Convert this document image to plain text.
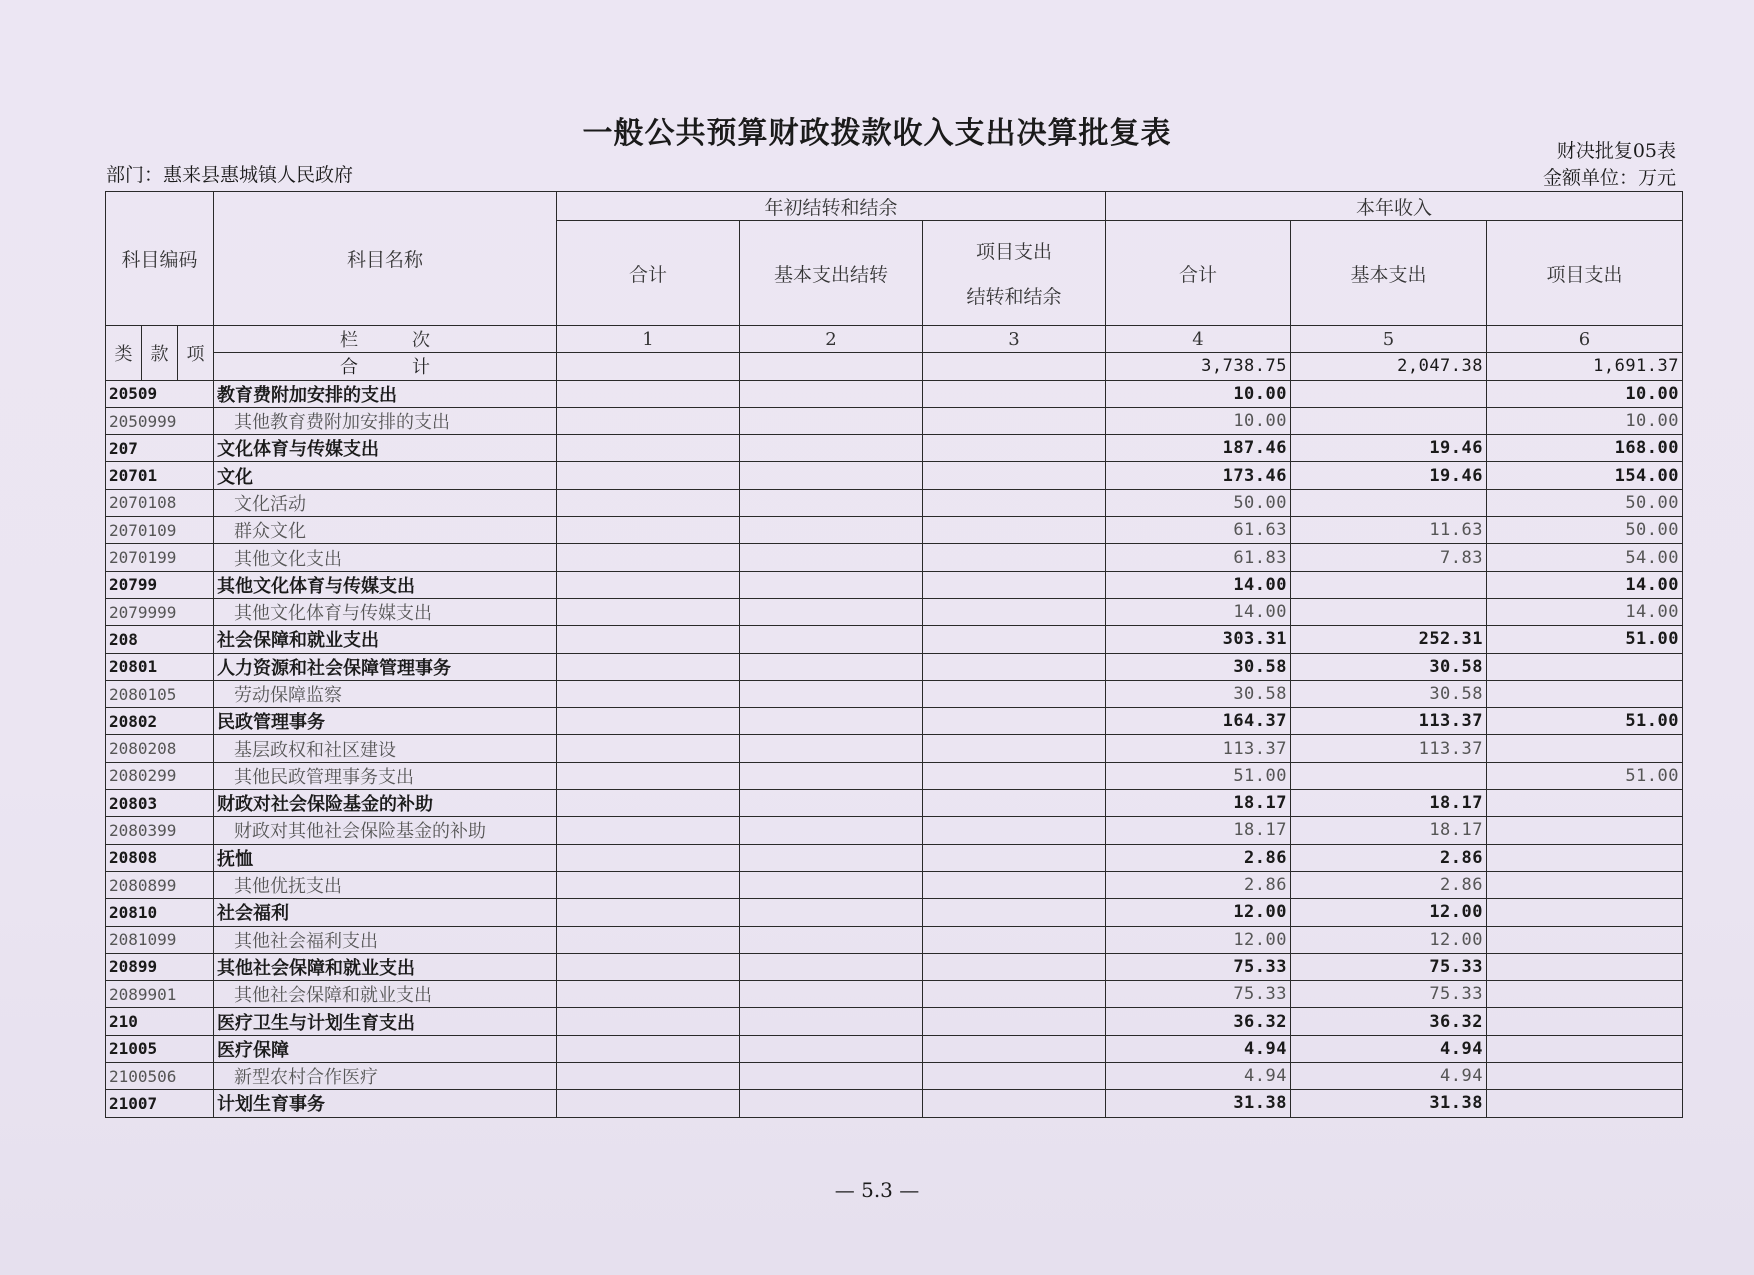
一般公共预算财政拨款收入支出决算批复表
部门：惠来县惠城镇人民政府
财决批复05表
金额单位：万元
科目编码	科目名称	年初结转和结余	本年收入
合计	基本支出结转	
项目支出
结转和结余
	合计	基本支出	项目支出

类	款	项
	栏　　　次	1	2	3	4	5	6
合　　　计				3,738.75	2,047.38	1,691.37
20509	教育费附加安排的支出				10.00		10.00
2050999	其他教育费附加安排的支出				10.00		10.00
207	文化体育与传媒支出				187.46	19.46	168.00
20701	文化				173.46	19.46	154.00
2070108	文化活动				50.00		50.00
2070109	群众文化				61.63	11.63	50.00
2070199	其他文化支出				61.83	7.83	54.00
20799	其他文化体育与传媒支出				14.00		14.00
2079999	其他文化体育与传媒支出				14.00		14.00
208	社会保障和就业支出				303.31	252.31	51.00
20801	人力资源和社会保障管理事务				30.58	30.58	
2080105	劳动保障监察				30.58	30.58	
20802	民政管理事务				164.37	113.37	51.00
2080208	基层政权和社区建设				113.37	113.37	
2080299	其他民政管理事务支出				51.00		51.00
20803	财政对社会保险基金的补助				18.17	18.17	
2080399	财政对其他社会保险基金的补助				18.17	18.17	
20808	抚恤				2.86	2.86	
2080899	其他优抚支出				2.86	2.86	
20810	社会福利				12.00	12.00	
2081099	其他社会福利支出				12.00	12.00	
20899	其他社会保障和就业支出				75.33	75.33	
2089901	其他社会保障和就业支出				75.33	75.33	
210	医疗卫生与计划生育支出				36.32	36.32	
21005	医疗保障				4.94	4.94	
2100506	新型农村合作医疗				4.94	4.94	
21007	计划生育事务				31.38	31.38	
— 5.3 —
